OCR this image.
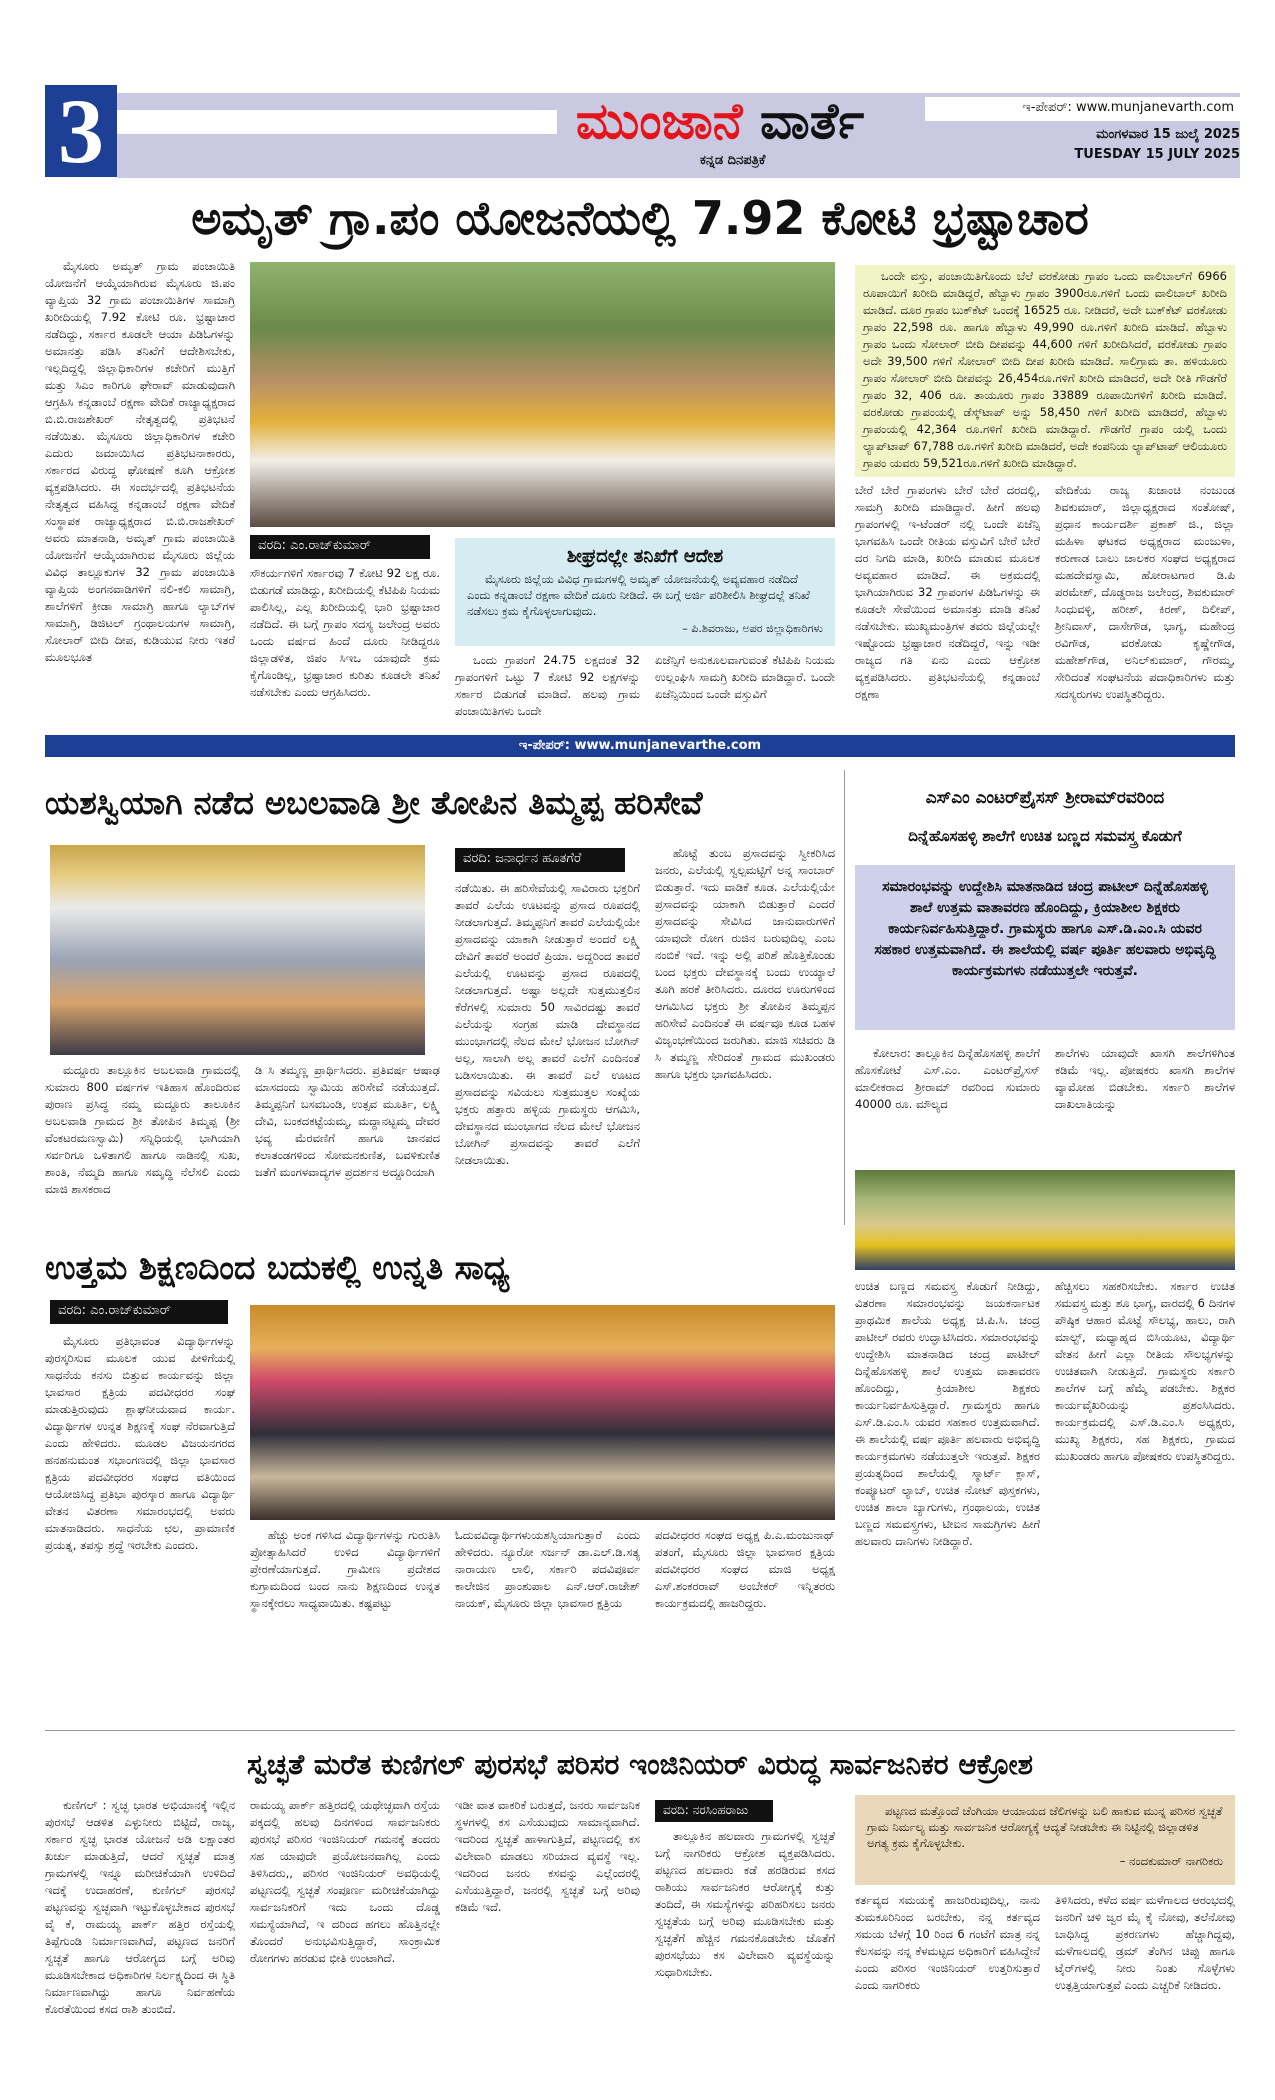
3	ಮುಂಜಾನೆ ವಾರ್ತೆ
ಕನ್ನಡ ದಿನಪತ್ರಿಕೆ
ಇ-ಪೇಪರ್: www.munjanevarth.com
ಮಂಗಳವಾರ 15 ಜುಲೈ 2025
TUESDAY 15 JULY 2025
ಅಮೃತ್ ಗ್ರಾ.ಪಂ ಯೋಜನೆಯಲ್ಲಿ 7.92 ಕೋಟಿ ಭ್ರಷ್ಟಾಚಾರ
ಮೈಸೂರು ಅಮೃತ್ ಗ್ರಾಮ ಪಂಚಾಯಿತಿ ಯೋಜನೆಗೆ ಆಯ್ಕೆಯಾಗಿರುವ ಮೈಸೂರು ಜಿ.ಪಂ ವ್ಯಾಪ್ತಿಯ 32 ಗ್ರಾಮ ಪಂಚಾಯಿತಿಗಳ ಸಾಮಾಗ್ರಿ ಖರೀದಿಯಲ್ಲಿ 7.92 ಕೋಟಿ ರೂ. ಭ್ರಷ್ಟಾಚಾರ ನಡೆದಿದ್ದು, ಸರ್ಕಾರ ಕೂಡಲೇ ಆಯಾ ಪಿಡಿಓಗಳನ್ನು ಅಮಾನತ್ತು ಪಡಿಸಿ ತನಿಖೆಗೆ ಆದೇಶಿಸಬೇಕು, ಇಲ್ಲದಿದ್ದಲ್ಲಿ ಜಿಲ್ಲಾಧಿಕಾರಿಗಳ ಕಚೇರಿಗೆ ಮುತ್ತಿಗೆ ಮತ್ತು ಸಿಎಂ ಕಾರಿಗೂ ಘೇರಾವ್ ಮಾಡುವುದಾಗಿ ಆಗ್ರಹಿಸಿ ಕನ್ನಡಾಂಬೆ ರಕ್ಷಣಾ ವೇದಿಕೆ ರಾಜ್ಯಾಧ್ಯಕ್ಷರಾದ ಬಿ.ಬಿ.ರಾಜಶೇಖರ್ ನೇತೃತ್ವದಲ್ಲಿ ಪ್ರತಿಭಟನೆ ನಡೆಯಿತು. ಮೈಸೂರು ಜಿಲ್ಲಾಧಿಕಾರಿಗಳ ಕಚೇರಿ ಎದುರು ಜಮಾಯಿಸಿದ ಪ್ರತಿಭಟನಾಕಾರರು, ಸರ್ಕಾರದ ವಿರುದ್ಧ ಘೋಷಣೆ ಕೂಗಿ ಆಕ್ರೋಶ ವ್ಯಕ್ತಪಡಿಸಿದರು. ಈ ಸಂದರ್ಭದಲ್ಲಿ ಪ್ರತಿಭಟನೆಯ ನೇತೃತ್ವದ ವಹಿಸಿದ್ದ ಕನ್ನಡಾಂಬೆ ರಕ್ಷಣಾ ವೇದಿಕೆ ಸಂಸ್ಥಾಪಕ ರಾಜ್ಯಾಧ್ಯಕ್ಷರಾದ ಬಿ.ಬಿ.ರಾಜಶೇಖರ್ ಅವರು ಮಾತನಾಡಿ, ಅಮೃತ್ ಗ್ರಾಮ ಪಂಚಾಯಿತಿ ಯೋಜನೆಗೆ ಆಯ್ಕೆಯಾಗಿರುವ ಮೈಸೂರು ಜಿಲ್ಲೆಯ ವಿವಿಧ ತಾಲ್ಲೂಕುಗಳ 32 ಗ್ರಾಮ ಪಂಚಾಯಿತಿ ವ್ಯಾಪ್ತಿಯ ಅಂಗನವಾಡಿಗಳಿಗೆ ನಲಿ-ಕಲಿ ಸಾಮಾಗ್ರಿ, ಶಾಲೆಗಳಿಗೆ ಕ್ರೀಡಾ ಸಾಮಾಗ್ರಿ ಹಾಗೂ ಲ್ಯಾಬ್‌ಗಳ ಸಾಮಾಗ್ರಿ, ಡಿಜಿಟಲ್ ಗ್ರಂಥಾಲಯಗಳ ಸಾಮಾಗ್ರಿ, ಸೋಲಾರ್ ಬೀದಿ ದೀಪ, ಕುಡಿಯುವ ನೀರು ಇತರೆ ಮೂಲಭೂತ
ವರದಿ: ಎಂ.ರಾಜ್‌ಕುಮಾರ್
ಸೌಕರ್ಯಗಳಿಗೆ ಸರ್ಕಾರವು 7 ಕೋಟಿ 92 ಲಕ್ಷ ರೂ. ಬಿಡುಗಡೆ ಮಾಡಿದ್ದು, ಖರೀದಿಯಲ್ಲಿ ಕೆಟಿಪಿಪಿ ನಿಯಮ ಪಾಲಿಸಿಲ್ಲ, ಎಲ್ಲ ಖರೀದಿಯಲ್ಲಿ ಭಾರಿ ಭ್ರಷ್ಟಾಚಾರ ನಡೆದಿದೆ. ಈ ಬಗ್ಗೆ ಗ್ರಾಪಂ ಸದಸ್ಯ ಜಲೇಂದ್ರ ಅವರು ಒಂದು ವರ್ಷದ ಹಿಂದೆ ದೂರು ನೀಡಿದ್ದರೂ ಜಿಲ್ಲಾಡಳಿತ, ಜಿಪಂ ಸಿಇಒ ಯಾವುದೇ ಕ್ರಮ ಕೈಗೊಂಡಿಲ್ಲ, ಭ್ರಷ್ಟಾಚಾರ ಕುರಿತು ಕೂಡಲೇ ತನಿಖೆ ನಡೆಸಬೇಕು ಎಂದು ಆಗ್ರಹಿಸಿದರು.
ಶೀಘ್ರದಲ್ಲೇ ತನಿಖೆಗೆ ಆದೇಶ
ಮೈಸೂರು ಜಿಲ್ಲೆಯ ವಿವಿಧ ಗ್ರಾಮಗಳಲ್ಲಿ ಅಮೃತ್ ಯೋಜನೆಯಲ್ಲಿ ಅವ್ಯವಹಾರ ನಡೆದಿದೆ ಎಂದು ಕನ್ನಡಾಂಬೆ ರಕ್ಷಣಾ ವೇದಿಕೆ ದೂರು ನೀಡಿದೆ. ಈ ಬಗ್ಗೆ ಅರ್ಜಿ ಪರಿಶೀಲಿಸಿ ಶೀಘ್ರದಲ್ಲೆ ತನಿಖೆ ನಡೆಸಲು ಕ್ರಮ ಕೈಗೊಳ್ಳಲಾಗುವುದು.
– ಪಿ.ಶಿವರಾಜು, ಅಪರ ಜಿಲ್ಲಾಧಿಕಾರಿಗಳು
ಒಂದು ಗ್ರಾಪಂಗೆ 24.75 ಲಕ್ಷದಂತೆ 32 ಗ್ರಾಪಂಗಳಿಗೆ ಒಟ್ಟು 7 ಕೋಟಿ 92 ಲಕ್ಷಗಳನ್ನು ಸರ್ಕಾರ ಬಿಡುಗಡೆ ಮಾಡಿದೆ. ಹಲವು ಗ್ರಾಮ ಪಂಚಾಯಿತಿಗಳು ಒಂದೇ
ಏಜೆನ್ಸಿಗೆ ಅನುಕೂಲವಾಗುವಂತೆ ಕೆಟಿಪಿಪಿ ನಿಯಮ ಉಲ್ಲಂಘಿಸಿ ಸಾಮಗ್ರಿ ಖರೀದಿ ಮಾಡಿದ್ದಾರೆ. ಒಂದೇ ಏಜೆನ್ಸಿಯಿಂದ ಒಂದೇ ವಸ್ತುವಿಗೆ
ಒಂದೇ ವಸ್ತು, ಪಂಚಾಯಿತಿಗೊಂದು ಬೆಲೆ ವರಕೋಡು ಗ್ರಾಪಂ ಒಂದು ವಾಲಿಬಾಲ್‌ಗೆ 6966 ರೂಪಾಯಿಗೆ ಖರೀದಿ ಮಾಡಿದ್ದರೆ, ಹೆಬ್ಬಾಳು ಗ್ರಾಪಂ 3900ರೂ.ಗಳಿಗೆ ಒಂದು ವಾಲಿಬಾಲ್ ಖರೀದಿ ಮಾಡಿದೆ. ದೂರ ಗ್ರಾಪಂ ಬುಕ್‌ಕೆಟ್ ಒಂದಕ್ಕೆ 16525 ರೂ. ನೀಡಿದರೆ, ಅದೇ ಬುಕ್‌ಕೆಟ್ ವರಕೋಡು ಗ್ರಾಪಂ 22,598 ರೂ. ಹಾಗೂ ಹೆಬ್ಬಾಳು 49,990 ರೂ.ಗಳಿಗೆ ಖರೀದಿ ಮಾಡಿದೆ. ಹೆಬ್ಬಾಳು ಗ್ರಾಪಂ ಒಂದು ಸೋಲಾರ್ ಬೀದಿ ದೀಪವನ್ನು 44,600 ಗಳಿಗೆ ಖರೀದಿಸಿದರೆ, ವರಕೋಡು ಗ್ರಾಪಂ ಅದೇ 39,500 ಗಳಿಗೆ ಸೋಲಾರ್ ಬೀದಿ ದೀಪ ಖರೀದಿ ಮಾಡಿದೆ. ಸಾಲಿಗ್ರಾಮ ತಾ. ಹಳಿಯೂರು ಗ್ರಾಪಂ ಸೋಲಾರ್ ಬೀದಿ ದೀಪವನ್ನು 26,454ರೂ.ಗಳಿಗೆ ಖರೀದಿ ಮಾಡಿದರೆ, ಅದೇ ರೀತಿ ಗೌಡಗೆರೆ ಗ್ರಾಪಂ 32, 406 ರೂ. ತಾಯೂರು ಗ್ರಾಪಂ 33889 ರೂಪಾಯಿಗಳಿಗೆ ಖರೀದಿ ಮಾಡಿದೆ. ವರಕೋಡು ಗ್ರಾಪಂಯಲ್ಲಿ ಡೆಸ್ಕ್‌ಟಾಪ್ ಅನ್ನು 58,450 ಗಳಿಗೆ ಖರೀದಿ ಮಾಡಿದರೆ, ಹೆಬ್ಬಾಳು ಗ್ರಾಪಂಯಲ್ಲಿ 42,364 ರೂ.ಗಳಿಗೆ ಖರೀದಿ ಮಾಡಿದ್ದಾರೆ. ಗೌಡಗೆರೆ ಗ್ರಾಪಂ ಯಲ್ಲಿ ಒಂದು ಲ್ಯಾಪ್‌ಟಾಪ್ 67,788 ರೂ.ಗಳಿಗೆ ಖರೀದಿ ಮಾಡಿದರೆ, ಅದೇ ಕಂಪನಿಯ ಲ್ಯಾಪ್‌ಟಾಪ್ ಆಲಿಯೂರು ಗ್ರಾಪಂ ಯವರು 59,521ರೂ.ಗಳಿಗೆ ಖರೀದಿ ಮಾಡಿದ್ದಾರೆ.
ಬೇರೆ ಬೇರೆ ಗ್ರಾಪಂಗಳು ಬೇರೆ ಬೇರೆ ದರದಲ್ಲಿ, ಸಾಮಗ್ರಿ ಖರೀದಿ ಮಾಡಿದ್ದಾರೆ. ಹೀಗೆ ಹಲವು ಗ್ರಾಪಂಗಳಲ್ಲಿ ಇ-ಟೆಂಡರ್ ನಲ್ಲಿ ಒಂದೇ ಏಜೆನ್ಸಿ ಭಾಗವಹಿಸಿ ಒಂದೇ ರೀತಿಯ ವಸ್ತುವಿಗೆ ಬೇರೆ ಬೇರೆ ದರ ನಿಗದಿ ಮಾಡಿ, ಖರೀದಿ ಮಾಡುವ ಮೂಲಕ ಅವ್ಯವಹಾರ ಮಾಡಿದೆ. ಈ ಅಕ್ರಮದಲ್ಲಿ ಭಾಗಿಯಾಗಿರುವ 32 ಗ್ರಾಪಂಗಳ ಪಿಡಿಓಗಳನ್ನು ಈ ಕೂಡಲೇ ಸೇವೆಯಿಂದ ಅಮಾನತ್ತು ಮಾಡಿ ತನಿಖೆ ನಡೆಸಬೇಕು. ಮುಖ್ಯಮಂತ್ರಿಗಳ ತವರು ಜಿಲ್ಲೆಯಲ್ಲೇ ಇಷ್ಟೊಂದು ಭ್ರಷ್ಟಾಚಾರ ನಡೆದಿದ್ದರೆ, ಇನ್ನು ಇಡೀ ರಾಜ್ಯದ ಗತಿ ಏನು ಎಂದು ಆಕ್ರೋಶ ವ್ಯಕ್ತಪಡಿಸಿದರು. ಪ್ರತಿಭಟನೆಯಲ್ಲಿ ಕನ್ನಡಾಂಬೆ ರಕ್ಷಣಾ
ವೇದಿಕೆಯ ರಾಜ್ಯ ಖಜಾಂಚಿ ನಂಜುಂಡ ಶಿವಕುಮಾರ್, ಜಿಲ್ಲಾಧ್ಯಕ್ಷರಾದ ಸಂತೋಷ್, ಪ್ರಧಾನ ಕಾರ್ಯದರ್ಶಿ ಪ್ರಕಾಶ್ ಜಿ., ಜಿಲ್ಲಾ ಮಹಿಳಾ ಘಟಕದ ಅಧ್ಯಕ್ಷರಾದ ಮಂಜುಳಾ, ಕರುಣಾಡ ಬಾಲು ಚಾಲಕರ ಸಂಘದ ಅಧ್ಯಕ್ಷರಾದ ಮಹದೇವಸ್ವಾಮಿ, ಹೋರಾಟಗಾರ ಡಿ.ಪಿ ಪರಮೇಶ್, ದೊಡ್ಡರಾಜ ಜಲೇಂದ್ರ, ಶಿವಕುಮಾರ್ ಸಿಂಧುವಳ್ಳಿ, ಹರೀಶ್, ಕಿರಣ್, ದಿಲೀಪ್, ಶ್ರೀನಿವಾಸ್, ದಾಸೇಗೌಡ, ಭಾಗ್ಯ, ಮಹೇಂದ್ರ ರವಿಗೌಡ, ವರಕೋಡು ಕೃಷ್ಣೇಗೌಡ, ಮಹೇಶ್‌ಗೌಡ, ಅನಿಲ್‌ಕುಮಾರ್, ಗೌರಮ್ಮ, ಸೇರಿದಂತೆ ಸಂಘಟನೆಯ ಪದಾಧಿಕಾರಿಗಳು ಮತ್ತು ಸದಸ್ಯರುಗಳು ಉಪಸ್ಥಿತರಿದ್ದರು.
ಇ-ಪೇಪರ್: www.munjanevarthe.com
ಯಶಸ್ವಿಯಾಗಿ ನಡೆದ ಅಬಲವಾಡಿ ಶ್ರೀ ತೋಪಿನ ತಿಮ್ಮಪ್ಪ ಹರಿಸೇವೆ
ವರದಿ: ಜನಾರ್ಧನ ಹೂತಗೆರೆ
ಮದ್ದೂರು ತಾಲ್ಲೂಕಿನ ಅಬಲವಾಡಿ ಗ್ರಾಮದಲ್ಲಿ ಸುಮಾರು 800 ವರ್ಷಗಳ ಇತಿಹಾಸ ಹೊಂದಿರುವ ಪುರಾಣ ಪ್ರಸಿದ್ಧ ನಮ್ಮ ಮದ್ದೂರು ತಾಲೂಕಿನ ಅಬಲವಾಡಿ ಗ್ರಾಮದ ಶ್ರೀ ತೋಪಿನ ತಿಮ್ಮಪ್ಪ (ಶ್ರೀ ವೆಂಕಟರಮಣಸ್ವಾಮಿ) ಸನ್ನಿಧಿಯಲ್ಲಿ ಭಾಗಿಯಾಗಿ ಸರ್ವರಿಗೂ ಒಳಿತಾಗಲಿ ಹಾಗೂ ನಾಡಿನಲ್ಲಿ ಸುಖ, ಶಾಂತಿ, ನೆಮ್ಮದಿ ಹಾಗೂ ಸಮೃದ್ಧಿ ನೆಲೆಸಲಿ ಎಂದು ಮಾಜಿ ಶಾಸಕರಾದ
ಡಿ ಸಿ ತಮ್ಮಣ್ಣ ಪ್ರಾರ್ಥಿಸಿದರು. ಪ್ರತಿವರ್ಷ ಆಷಾಢ ಮಾಸದಂದು ಸ್ವಾಮಿಯ ಹರಿಸೇವೆ ನಡೆಯುತ್ತದೆ. ತಿಮ್ಮಪ್ಪನಿಗೆ ಬಸವಬಂಡಿ, ಉತ್ಸವ ಮೂರ್ತಿ, ಲಕ್ಷ್ಮಿ ದೇವಿ, ಬಂಕದಕಟ್ಟೆಯಮ್ಮ, ಮದ್ದಾನಟ್ಟಮ್ಮ ದೇವರ ಭವ್ಯ ಮೆರವಣಿಗೆ ಹಾಗೂ ಜಾನಪದ ಕಲಾತಂಡಗಳಿಂದ ಸೋಮನಕುಣಿತ, ಬವಳಿಕುಣಿತ ಜತೆಗೆ ಮಂಗಳವಾದ್ಯಗಳ ಪ್ರದರ್ಶನ ಅದ್ದೂರಿಯಾಗಿ
ನಡೆಯಿತು. ಈ ಹರಿಸೇವೆಯಲ್ಲಿ ಸಾವಿರಾರು ಭಕ್ತರಿಗೆ ತಾವರೆ ಎಲೆಯ ಊಟವನ್ನು ಪ್ರಸಾದ ರೂಪದಲ್ಲಿ ನೀಡಲಾಗುತ್ತದೆ. ತಿಮ್ಮಪ್ಪನಿಗೆ ತಾವರೆ ಎಲೆಯಲ್ಲಿಯೇ ಪ್ರಸಾದವನ್ನು ಯಾಕಾಗಿ ನೀಡುತ್ತಾರೆ ಅಂದರೆ ಲಕ್ಷ್ಮಿ ದೇವಿಗೆ ತಾವರೆ ಅಂದರೆ ಪ್ರಿಯಾ. ಅದ್ದರಿಂದ ತಾವರೆ ಎಲೆಯಲ್ಲಿ ಊಟವನ್ನು ಪ್ರಸಾದ ರೂಪದಲ್ಲಿ ನೀಡಲಾಗುತ್ತದೆ. ಅಷ್ಟಾ ಅಲ್ಲದೇ ಸುತ್ತಮುತ್ತಲಿನ ಕೆರೆಗಳಲ್ಲಿ ಸುಮಾರು 50 ಸಾವಿರದಷ್ಟು ತಾವರೆ ಎಲೆಯನ್ನು ಸಂಗ್ರಹ ಮಾಡಿ ದೇವಸ್ಥಾನದ ಮುಂಭಾಗದಲ್ಲಿ ನೆಲದ ಮೇಲೆ ಭೋಜನ ಬೋಗಿನ್ ಅಲ್ಲ, ಸಾಲಾಗಿ ಅಲ್ಲ ತಾವರೆ ಎಲೆಗೆ ಎಂದಿನಂತೆ ಬಡಿಸಲಾಯಿತು. ಈ ತಾವರೆ ಎಲೆ ಊಟದ ಪ್ರಸಾದವನ್ನು ಸವಿಯಲು ಸುತ್ತಮುತ್ತಲ ಸಂಖ್ಯೆಯ ಭಕ್ತರು ಹತ್ತಾರು ಹಳ್ಳಿಯ ಗ್ರಾಮಸ್ಥರು ಆಗಮಿಸಿ, ದೇವಸ್ಥಾನದ ಮುಂಭಾಗದ ನೆಲದ ಮೇಲೆ ಭೋಜನ ಬೋಗಿನ್ ಪ್ರಸಾದವನ್ನು ತಾವರೆ ಎಲೆಗೆ ನೀಡಲಾಯಿತು.
ಹೊಟ್ಟೆ ತುಂಬ ಪ್ರಸಾದವನ್ನು ಸ್ವೀಕರಿಸಿದ ಜನರು, ಎಲೆಯಲ್ಲಿ ಸ್ವಲ್ಪಮಟ್ಟಿಗೆ ಅನ್ನ ಸಾಂಬಾರ್ ಬಿಡುತ್ತಾರೆ. ಇದು ವಾಡಿಕೆ ಕೂಡ. ಎಲೆಯಲ್ಲಿಯೇ ಪ್ರಸಾದವನ್ನು ಯಾಕಾಗಿ ಬಿಡುತ್ತಾರೆ ಎಂದರೆ ಪ್ರಸಾದವನ್ನು ಸೇವಿಸಿದ ಜಾನುವಾರುಗಳಿಗೆ ಯಾವುದೇ ರೋಗ ರುಜಿನ ಬರುವುದಿಲ್ಲ ಎಂಬ ನಂಬಿಕೆ ಇದೆ. ಇನ್ನು ಅಲ್ಲಿ ಪರಿಶೆ ಹೊತ್ತಿಕೊಂಡು ಬಂದ ಭಕ್ತರು ದೇವಸ್ಥಾನಕ್ಕೆ ಬಂದು ಉಯ್ಯಾಲೆ ತೂಗಿ ಹರಕೆ ತೀರಿಸಿದರು. ದೂರದ ಊರುಗಳಿಂದ ಆಗಮಿಸಿದ ಭಕ್ತರು ಶ್ರೀ ತೋಪಿನ ತಿಮ್ಮಪ್ಪನ ಹರಿಸೇವೆ ಎಂದಿನಂತೆ ಈ ವರ್ಷವೂ ಕೂಡ ಬಹಳ ವಿಜೃಂಭಣೆಯಿಂದ ಜರುಗಿತು. ಮಾಜಿ ಸಚಿವರು ಡಿ ಸಿ ತಮ್ಮಣ್ಣ ಸೇರಿದಂತೆ ಗ್ರಾಮದ ಮುಖಂಡರು ಹಾಗೂ ಭಕ್ತರು ಭಾಗವಹಿಸಿದರು.
ಎಸ್‌ಎಂ ಎಂಟರ್‌ಪ್ರೈಸಸ್ ಶ್ರೀರಾಮ್‌ರವರಿಂದ
ದಿನ್ನೆಹೊಸಹಳ್ಳಿ ಶಾಲೆಗೆ ಉಚಿತ ಬಣ್ಣದ ಸಮವಸ್ತ್ರ ಕೊಡುಗೆ
ಸಮಾರಂಭವನ್ನು ಉದ್ದೇಶಿಸಿ ಮಾತನಾಡಿದ ಚಂದ್ರ ಪಾಟೀಲ್ ದಿನ್ನೆಹೊಸಹಳ್ಳಿ ಶಾಲೆ ಉತ್ತಮ ವಾತಾವರಣ ಹೊಂದಿದ್ದು, ಕ್ರಿಯಾಶೀಲ ಶಿಕ್ಷಕರು ಕಾರ್ಯನಿರ್ವಹಿಸುತ್ತಿದ್ದಾರೆ. ಗ್ರಾಮಸ್ಥರು ಹಾಗೂ ಎಸ್.ಡಿ.ಎಂ.ಸಿ ಯವರ ಸಹಕಾರ ಉತ್ತಮವಾಗಿದೆ. ಈ ಶಾಲೆಯಲ್ಲಿ ವರ್ಷ ಪೂರ್ತಿ ಹಲವಾರು ಅಭಿವೃದ್ಧಿ ಕಾರ್ಯಕ್ರಮಗಳು ನಡೆಯುತ್ತಲೇ ಇರುತ್ತವೆ.
ಕೋಲಾರ: ತಾಲ್ಲೂಕಿನ ದಿನ್ನೆಹೊಸಹಳ್ಳಿ ಶಾಲೆಗೆ ಹೊಸಕೋಟೆ ಎಸ್.ಎಂ. ಎಂಟರ್‌ಪ್ರೈಸಸ್ ಮಾಲೀಕರಾದ ಶ್ರೀರಾಮ್ ರವರಿಂದ ಸುಮಾರು 40000 ರೂ. ಮೌಲ್ಯದ
ಶಾಲೆಗಳು ಯಾವುದೇ ಖಾಸಗಿ ಶಾಲೆಗಳಿಗಿಂತ ಕಡಿಮೆ ಇಲ್ಲ. ಪೋಷಕರು ಖಾಸಗಿ ಶಾಲೆಗಳ ವ್ಯಾಮೋಹ ಬಿಡಬೇಕು. ಸರ್ಕಾರಿ ಶಾಲೆಗಳ ದಾಖಲಾತಿಯನ್ನು
ಉಚಿತ ಬಣ್ಣದ ಸಮವಸ್ತ್ರ ಕೊಡುಗೆ ನೀಡಿದ್ದು, ವಿತರಣಾ ಸಮಾರಂಭವನ್ನು ಜಯಕರ್ನಾಟಕ ಪ್ರಾಥಮಿಕ ಶಾಲೆಯ ಅಧ್ಯಕ್ಷ ಚಿ.ಪಿ.ಸಿ. ಚಂದ್ರ ಪಾಟೀಲ್ ರವರು ಉದ್ಘಾಟಿಸಿದರು. ಸಮಾರಂಭವನ್ನು ಉದ್ದೇಶಿಸಿ ಮಾತನಾಡಿದ ಚಂದ್ರ ಪಾಟೀಲ್ ದಿನ್ನೆಹೊಸಹಳ್ಳಿ ಶಾಲೆ ಉತ್ತಮ ವಾತಾವರಣ ಹೊಂದಿದ್ದು, ಕ್ರಿಯಾಶೀಲ ಶಿಕ್ಷಕರು ಕಾರ್ಯನಿರ್ವಹಿಸುತ್ತಿದ್ದಾರೆ. ಗ್ರಾಮಸ್ಥರು ಹಾಗೂ ಎಸ್.ಡಿ.ಎಂ.ಸಿ ಯವರ ಸಹಕಾರ ಉತ್ತಮವಾಗಿದೆ. ಈ ಶಾಲೆಯಲ್ಲಿ ವರ್ಷ ಪೂರ್ತಿ ಹಲವಾರು ಅಭಿವೃದ್ಧಿ ಕಾರ್ಯಕ್ರಮಗಳು ನಡೆಯುತ್ತಲೇ ಇರುತ್ತವೆ. ಶಿಕ್ಷಕರ ಪ್ರಯತ್ನದಿಂದ ಶಾಲೆಯಲ್ಲಿ ಸ್ಮಾರ್ಟ್ ಕ್ಲಾಸ್, ಕಂಪ್ಯೂಟರ್ ಲ್ಯಾಬ್, ಉಚಿತ ನೋಟ್ ಪುಸ್ತಕಗಳು, ಉಚಿತ ಶಾಲಾ ಬ್ಯಾಗುಗಳು, ಗ್ರಂಥಾಲಯ, ಉಚಿತ ಬಣ್ಣದ ಸಮವಸ್ತ್ರಗಳು, ಟೀಐನ ಸಾಮಗ್ರಿಗಳು ಹೀಗೆ ಹಲವಾರು ದಾನಿಗಳು ನೀಡಿದ್ದಾರೆ.
ಹೆಚ್ಚಿಸಲು ಸಹಕರಿಸಬೇಕು. ಸರ್ಕಾರ ಉಚಿತ ಸಮವಸ್ತ್ರ ಮತ್ತು ಶೂ ಭಾಗ್ಯ, ವಾರದಲ್ಲಿ 6 ದಿನಗಳ ಪೌಷ್ಠಿಕ ಆಹಾರ ಮೊಟ್ಟೆ ಸೌಲಭ್ಯ, ಹಾಲು, ರಾಗಿ ಮಾಲ್ಟ್, ಮಧ್ಯಾಹ್ನದ ಬಿಸಿಯೂಟ, ವಿದ್ಯಾರ್ಥಿ ವೇತನ ಹೀಗೆ ಎಲ್ಲಾ ರೀತಿಯ ಸೌಲಭ್ಯಗಳನ್ನು ಉಚಿತವಾಗಿ ನೀಡುತ್ತಿದೆ. ಗ್ರಾಮಸ್ಥರು ಸರ್ಕಾರಿ ಶಾಲೆಗಳ ಬಗ್ಗೆ ಹೆಮ್ಮೆ ಪಡಬೇಕು. ಶಿಕ್ಷಕರ ಕಾರ್ಯವೈಖರಿಯನ್ನು ಪ್ರಶಂಸಿಸಿದರು. ಕಾರ್ಯಕ್ರಮದಲ್ಲಿ ಎಸ್.ಡಿ.ಎಂ.ಸಿ ಅಧ್ಯಕ್ಷರು, ಮುಖ್ಯ ಶಿಕ್ಷಕರು, ಸಹ ಶಿಕ್ಷಕರು, ಗ್ರಾಮದ ಮುಖಂಡರು ಹಾಗೂ ಪೋಷಕರು ಉಪಸ್ಥಿತರಿದ್ದರು.
ಉತ್ತಮ ಶಿಕ್ಷಣದಿಂದ ಬದುಕಲ್ಲಿ ಉನ್ನತಿ ಸಾಧ್ಯ
ವರದಿ: ಎಂ.ರಾಜ್‌ಕುಮಾರ್
ಮೈಸೂರು ಪ್ರತಿಭಾವಂತ ವಿದ್ಯಾರ್ಥಿಗಳನ್ನು ಪುರಸ್ಕರಿಸುವ ಮೂಲಕ ಯುವ ಪೀಳಿಗೆಯಲ್ಲಿ ಸಾಧನೆಯ ಕನಸು ಬಿತ್ತುವ ಕಾರ್ಯವನ್ನು ಜಿಲ್ಲಾ ಭಾವಸಾರ ಕ್ಷತ್ರಿಯ ಪದವೀಧರರ ಸಂಘ ಮಾಡುತ್ತಿರುವುದು ಶ್ಲಾಘನೀಯವಾದ ಕಾರ್ಯ. ವಿದ್ಯಾರ್ಥಿಗಳ ಉನ್ನತ ಶಿಕ್ಷಣಕ್ಕೆ ಸಂಘ ನೆರವಾಗುತ್ತಿದೆ ಎಂದು ಹೇಳಿದರು. ಮೂಡಲ ವಿಜಯನಗರದ ಹನಹನುಮಂತ ಸಭಾಂಗಣದಲ್ಲಿ ಜಿಲ್ಲಾ ಭಾವಸಾರ ಕ್ಷತ್ರಿಯ ಪದವೀಧರರ ಸಂಘದ ವತಿಯಿಂದ ಆಯೋಜಿಸಿದ್ದ ಪ್ರತಿಭಾ ಪುರಸ್ಕಾರ ಹಾಗೂ ವಿದ್ಯಾರ್ಥಿ ವೇತನ ವಿತರಣಾ ಸಮಾರಂಭದಲ್ಲಿ ಅವರು ಮಾತನಾಡಿದರು. ಸಾಧನೆಯ ಛಲ, ಪ್ರಾಮಾಣಿಕ ಪ್ರಯತ್ನ, ತಪಸ್ಸು ಶ್ರದ್ಧೆ ಇರಬೇಕು ಎಂದರು.
ಹೆಚ್ಚು ಅಂಕ ಗಳಿಸಿದ ವಿದ್ಯಾರ್ಥಿಗಳನ್ನು ಗುರುತಿಸಿ ಪ್ರೋತ್ಸಾಹಿಸಿದರೆ ಉಳಿದ ವಿದ್ಯಾರ್ಥಿಗಳಿಗೆ ಪ್ರೇರಣೆಯಾಗುತ್ತದೆ. ಗ್ರಾಮೀಣ ಪ್ರದೇಶದ ಕುಗ್ರಾಮದಿಂದ ಬಂದ ನಾನು ಶಿಕ್ಷಣದಿಂದ ಉನ್ನತ ಸ್ಥಾನಕ್ಕೇರಲು ಸಾಧ್ಯವಾಯಿತು. ಕಷ್ಟಪಟ್ಟು
ಓದುವವಿದ್ಯಾರ್ಥಿಗಳುಯಶಸ್ವಿಯಾಗುತ್ತಾರೆ ಎಂದು ಹೇಳಿದರು. ನ್ಯೂರೋ ಸರ್ಜನ್ ಡಾ.ಎಲ್.ಡಿ.ಸತ್ಯ ನಾರಾಯಣ ಲಾಲಿ, ಸರ್ಕಾರಿ ಪದವಿಪೂರ್ವ ಕಾಲೇಜಿನ ಪ್ರಾಂಶುಪಾಲ ಎನ್.ಆರ್.ರಾಜೇಶ್ ನಾಯಕ್, ಮೈಸೂರು ಜಿಲ್ಲಾ ಭಾವಸಾರ ಕ್ಷತ್ರಿಯ
ಪದವೀಧರರ ಸಂಘದ ಅಧ್ಯಕ್ಷ ಪಿ.ಎ.ಮಂಜುನಾಥ್ ಪತಂಗೆ, ಮೈಸೂರು ಜಿಲ್ಲಾ ಭಾವಸಾರ ಕ್ಷತ್ರಿಯ ಪದವೀಧರರ ಸಂಘದ ಮಾಜಿ ಅಧ್ಯಕ್ಷ ಎಸ್.ಶಂಕರರಾವ್ ಅಂಬೇಕರ್ ಇನ್ನಿತರರು ಕಾರ್ಯಕ್ರಮದಲ್ಲಿ ಹಾಜರಿದ್ದರು.
ಸ್ವಚ್ಛತೆ ಮರೆತ ಕುಣಿಗಲ್ ಪುರಸಭೆ ಪರಿಸರ ಇಂಜಿನಿಯರ್ ವಿರುದ್ಧ ಸಾರ್ವಜನಿಕರ ಆಕ್ರೋಶ
ಕುಣಿಗಲ್ : ಸ್ವಚ್ಛ ಭಾರತ ಅಭಿಯಾನಕ್ಕೆ ಇಲ್ಲಿನ ಪುರಸಭೆ ಆಡಳಿತ ಎಳ್ಳುನೀರು ಬಿಟ್ಟಿದೆ, ರಾಜ್ಯ, ಸರ್ಕಾರ ಸ್ವಚ್ಛ ಭಾರತ ಯೋಜನೆ ಅಡಿ ಲಕ್ಷಾಂತರ ಖರ್ಚು ಮಾಡುತ್ತಿದೆ, ಆದರೆ ಸ್ವಚ್ಛತೆ ಮಾತ್ರ ಗ್ರಾಮಗಳಲ್ಲಿ ಇನ್ನೂ ಮರೀಚಿಕೆಯಾಗಿ ಉಳಿದಿದೆ ಇದಕ್ಕೆ ಉದಾಹರಣೆ, ಕುಣಿಗಲ್ ಪುರಸಭೆ ಪಟ್ಟಣವನ್ನು ಸ್ವಚ್ಛವಾಗಿ ಇಟ್ಟುಕೊಳ್ಳಬೇಕಾದ ಪುರಸಭೆ ವೈ ಕೆ, ರಾಮಯ್ಯ ಪಾರ್ಕ್ ಹತ್ತಿರ ರಸ್ತೆಯಲ್ಲಿ ತಿಪ್ಪೆಗುಂಡಿ ನಿರ್ಮಾಣವಾಗಿದೆ, ಪಟ್ಟಣದ ಜನರಿಗೆ ಸ್ವಚ್ಛತೆ ಹಾಗೂ ಆರೋಗ್ಯದ ಬಗ್ಗೆ ಅರಿವು ಮೂಡಿಸಬೇಕಾದ ಅಧಿಕಾರಿಗಳ ನಿರ್ಲಕ್ಷ್ಯದಿಂದ ಈ ಸ್ಥಿತಿ ನಿರ್ಮಾಣವಾಗಿದ್ದು ಹಾಗೂ ನಿರ್ವಹಣೆಯ ಕೊರತೆಯಿಂದ ಕಸದ ರಾಶಿ ತುಂಬಿದೆ.
ರಾಮಯ್ಯ ಪಾರ್ಕ್ ಹತ್ತಿರದಲ್ಲಿ ಯಥೇಚ್ಛವಾಗಿ ರಸ್ತೆಯ ಪಕ್ಕದಲ್ಲಿ ಹಲವು ದಿನಗಳಿಂದ ಸಾರ್ವಜನಿಕರು ಪುರಸಭೆ ಪರಿಸರ ಇಂಜಿನಿಯರ್ ಗಮನಕ್ಕೆ ತಂದರು ಸಹ ಯಾವುದೇ ಪ್ರಯೋಜನವಾಗಿಲ್ಲ ಎಂದು ತಿಳಿಸಿದರು,, ಪರಿಸರ ಇಂಜಿನಿಯರ್ ಅವಧಿಯಲ್ಲಿ ಪಟ್ಟಣದಲ್ಲಿ ಸ್ವಚ್ಛತೆ ಸಂಪೂರ್ಣ ಮರೀಚಿಕೆಯಾಗಿದ್ದು ಸಾರ್ವಜನಿಕರಿಗೆ ಇದು ಒಂದು ದೊಡ್ಡ ಸಮಸ್ಯೆಯಾಗಿದೆ, ಇ ದರಿಂದ ಹಗಲು ಹೊತ್ತಿನಲ್ಲೇ ತೊಂದರೆ ಅನುಭವಿಸುತ್ತಿದ್ದಾರೆ, ಸಾಂಕ್ರಾಮಿಕ ರೋಗಗಳು ಹರಡುವ ಭೀತಿ ಉಂಟಾಗಿದೆ.
ಇಡೀ ವಾತ ವಾಕರಿಕೆ ಬರುತ್ತದೆ, ಜನರು ಸಾರ್ವಜನಿಕ ಸ್ಥಳಗಳಲ್ಲಿ ಕಸ ಎಸೆಯುವುದು ಸಾಮಾನ್ಯವಾಗಿದೆ. ಇದರಿಂದ ಸ್ವಚ್ಛತೆ ಹಾಳಾಗುತ್ತಿದೆ, ಪಟ್ಟಣದಲ್ಲಿ ಕಸ ವಿಲೇವಾರಿ ಮಾಡಲು ಸರಿಯಾದ ವ್ಯವಸ್ಥೆ ಇಲ್ಲ. ಇದರಿಂದ ಜನರು ಕಸವನ್ನು ಎಲ್ಲೆಂದರಲ್ಲಿ ಎಸೆಯುತ್ತಿದ್ದಾರೆ, ಜನರಲ್ಲಿ ಸ್ವಚ್ಛತೆ ಬಗ್ಗೆ ಅರಿವು ಕಡಿಮೆ ಇದೆ.
ವರದಿ: ನರಸಿಂಹರಾಜು
ತಾಲ್ಲೂಕಿನ ಹಲವಾರು ಗ್ರಾಮಗಳಲ್ಲಿ ಸ್ವಚ್ಛತೆ ಬಗ್ಗೆ ನಾಗರಿಕರು ಆಕ್ರೋಶ ವ್ಯಕ್ತಪಡಿಸಿದರು. ಪಟ್ಟಣದ ಹಲವಾರು ಕಡೆ ಹರಡಿರುವ ಕಸದ ರಾಶಿಯು ಸಾರ್ವಜನಿಕರ ಆರೋಗ್ಯಕ್ಕೆ ಕುತ್ತು ತಂದಿದೆ, ಈ ಸಮಸ್ಯೆಗಳನ್ನು ಪರಿಹರಿಸಲು ಜನರು ಸ್ವಚ್ಛತೆಯ ಬಗ್ಗೆ ಅರಿವು ಮೂಡಿಸಬೇಕು ಮತ್ತು ಸ್ವಚ್ಛತೆಗೆ ಹೆಚ್ಚಿನ ಗಮನಕೊಡಬೇಕು ಜೊತೆಗೆ ಪುರಸಭೆಯು ಕಸ ವಿಲೇವಾರಿ ವ್ಯವಸ್ಥೆಯನ್ನು ಸುಧಾರಿಸಬೇಕು.
ಪಟ್ಟಣದ ಮತ್ತೊಂದೆ ಚೆಂಗಿಯಾ ಆಯಾಯದ ಜೆಲಿಗಳನ್ನು ಬಲಿ ಹಾಕುವ ಮುನ್ನ ಪರಿಸರ ಸ್ವಚ್ಛತೆ ಗ್ರಾಮ ನಿರ್ಮಲ್ಯ ಮತ್ತು ಸಾರ್ವಜನಿಕ ಆರೋಗ್ಯಕ್ಕೆ ಆದ್ಯತೆ ನೀಡಬೇಕು ಈ ನಿಟ್ಟಿನಲ್ಲಿ ಜಿಲ್ಲಾಡಳಿತ ಅಗತ್ಯ ಕ್ರಮ ಕೈಗೊಳ್ಳಬೇಕು.
– ನಂದಕುಮಾರ್ ನಾಗರಿಕರು
ಕರ್ತವ್ಯದ ಸಮಯಕ್ಕೆ ಹಾಜರಿರುವುದಿಲ್ಲ, ನಾನು ತುಮಕೂರಿನಿಂದ ಬರಬೇಕು, ನನ್ನ ಕರ್ತವ್ಯದ ಸಮಯ ಬೆಳಗ್ಗೆ 10 ರಿಂದ 6 ಗಂಟೆಗೆ ಮಾತ್ರ ನನ್ನ ಕೆಲಸವನ್ನು ನನ್ನ ಕೆಳಮಟ್ಟದ ಅಧಿಕಾರಿಗೆ ವಹಿಸಿದ್ದೇನೆ ಎಂದು ಪರಿಸರ ಇಂಜಿನಿಯರ್ ಉತ್ತರಿಸುತ್ತಾರೆ ಎಂದು ನಾಗರಿಕರು
ತಿಳಿಸಿದರು, ಕಳೆದ ವರ್ಷ ಮಳೆಗಾಲದ ಆರಂಭದಲ್ಲಿ ಜನರಿಗೆ ಚಳಿ ಜ್ವರ ಮೈ ಕೈ ನೋವು, ತಲೆನೋವು ಬಾಧಿಸಿದ್ದ ಪ್ರಕರಣಗಳು ಹೆಚ್ಚಾಗಿದ್ದವು, ಮಳೆಗಾಲದಲ್ಲಿ ಡ್ರಮ್ ತೆಂಗಿನ ಚಿಪ್ಪು ಹಾಗೂ ಟೈರ್‌ಗಳಲ್ಲಿ ನೀರು ನಿಂತು ಸೊಳ್ಳೆಗಳು ಉತ್ಪತ್ತಿಯಾಗುತ್ತವೆ ಎಂದು ಎಚ್ಚರಿಕೆ ನೀಡಿದರು.
